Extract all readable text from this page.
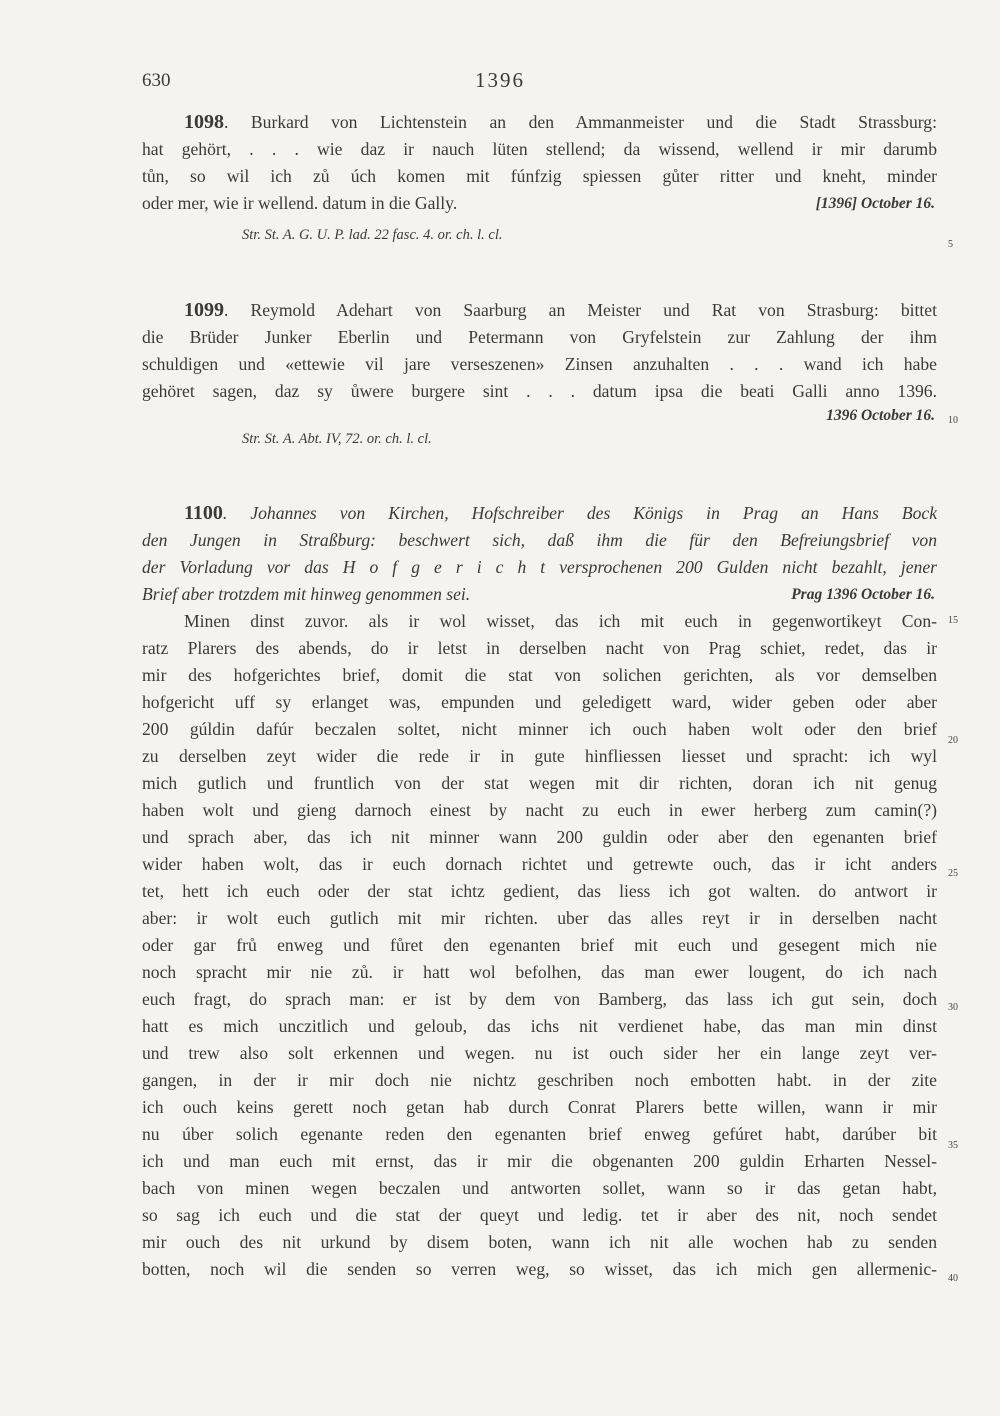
630	1396
1098. Burkard von Lichtenstein an den Ammanmeister und die Stadt Strassburg:
hat gehört, . . . wie daz ir nauch lüten stellend; da wissend, wellend ir mir darumb
tůn, so wil ich zů úch komen mit fúnfzig spiessen gůter ritter und kneht, minder
oder mer, wie ir wellend. datum in die Gally.	[1396] October 16.
Str. St. A. G. U. P. lad. 22 fasc. 4. or. ch. l. cl.
1099. Reymold Adehart von Saarburg an Meister und Rat von Strasburg: bittet
die Brüder Junker Eberlin und Petermann von Gryfelstein zur Zahlung der ihm
schuldigen und «ettewie vil jare verseszenen» Zinsen anzuhalten . . . wand ich habe
gehöret sagen, daz sy ůwere burgere sint . . . datum ipsa die beati Galli anno 1396.
1396 October 16.
Str. St. A. Abt. IV, 72. or. ch. l. cl.
1100. Johannes von Kirchen, Hofschreiber des Königs in Prag an Hans Bock
den Jungen in Straßburg: beschwert sich, daß ihm die für den Befreiungsbrief von
der Vorladung vor das H o f g e r i c h t versprochenen 200 Gulden nicht bezahlt, jener
Brief aber trotzdem mit hinweg genommen sei.	Prag 1396 October 16.
Minen dinst zuvor. als ir wol wisset, das ich mit euch in gegenwortikeyt Con-
ratz Plarers des abends, do ir letst in derselben nacht von Prag schiet, redet, das ir
mir des hofgerichtes brief, domit die stat von solichen gerichten, als vor demselben
hofgericht uff sy erlanget was, empunden und geledigett ward, wider geben oder aber
200 gúldin dafúr beczalen soltet, nicht minner ich ouch haben wolt oder den brief
zu derselben zeyt wider die rede ir in gute hinfliessen liesset und spracht: ich wyl
mich gutlich und fruntlich von der stat wegen mit dir richten, doran ich nit genug
haben wolt und gieng darnoch einest by nacht zu euch in ewer herberg zum camin(?)
und sprach aber, das ich nit minner wann 200 guldin oder aber den egenanten brief
wider haben wolt, das ir euch dornach richtet und getrewte ouch, das ir icht anders
tet, hett ich euch oder der stat ichtz gedient, das liess ich got walten. do antwort ir
aber: ir wolt euch gutlich mit mir richten. uber das alles reyt ir in derselben nacht
oder gar frů enweg und fůret den egenanten brief mit euch und gesegent mich nie
noch spracht mir nie zů. ir hatt wol befolhen, das man ewer lougent, do ich nach
euch fragt, do sprach man: er ist by dem von Bamberg, das lass ich gut sein, doch
hatt es mich unczitlich und geloub, das ichs nit verdienet habe, das man min dinst
und trew also solt erkennen und wegen. nu ist ouch sider her ein lange zeyt ver-
gangen, in der ir mir doch nie nichtz geschriben noch embotten habt. in der zite
ich ouch keins gerett noch getan hab durch Conrat Plarers bette willen, wann ir mir
nu úber solich egenante reden den egenanten brief enweg gefúret habt, darúber bit
ich und man euch mit ernst, das ir mir die obgenanten 200 guldin Erharten Nessel-
bach von minen wegen beczalen und antworten sollet, wann so ir das getan habt,
so sag ich euch und die stat der queyt und ledig. tet ir aber des nit, noch sendet
mir ouch des nit urkund by disem boten, wann ich nit alle wochen hab zu senden
botten, noch wil die senden so verren weg, so wisset, das ich mich gen allermenic-
5
10
15
20
25
30
35
40
